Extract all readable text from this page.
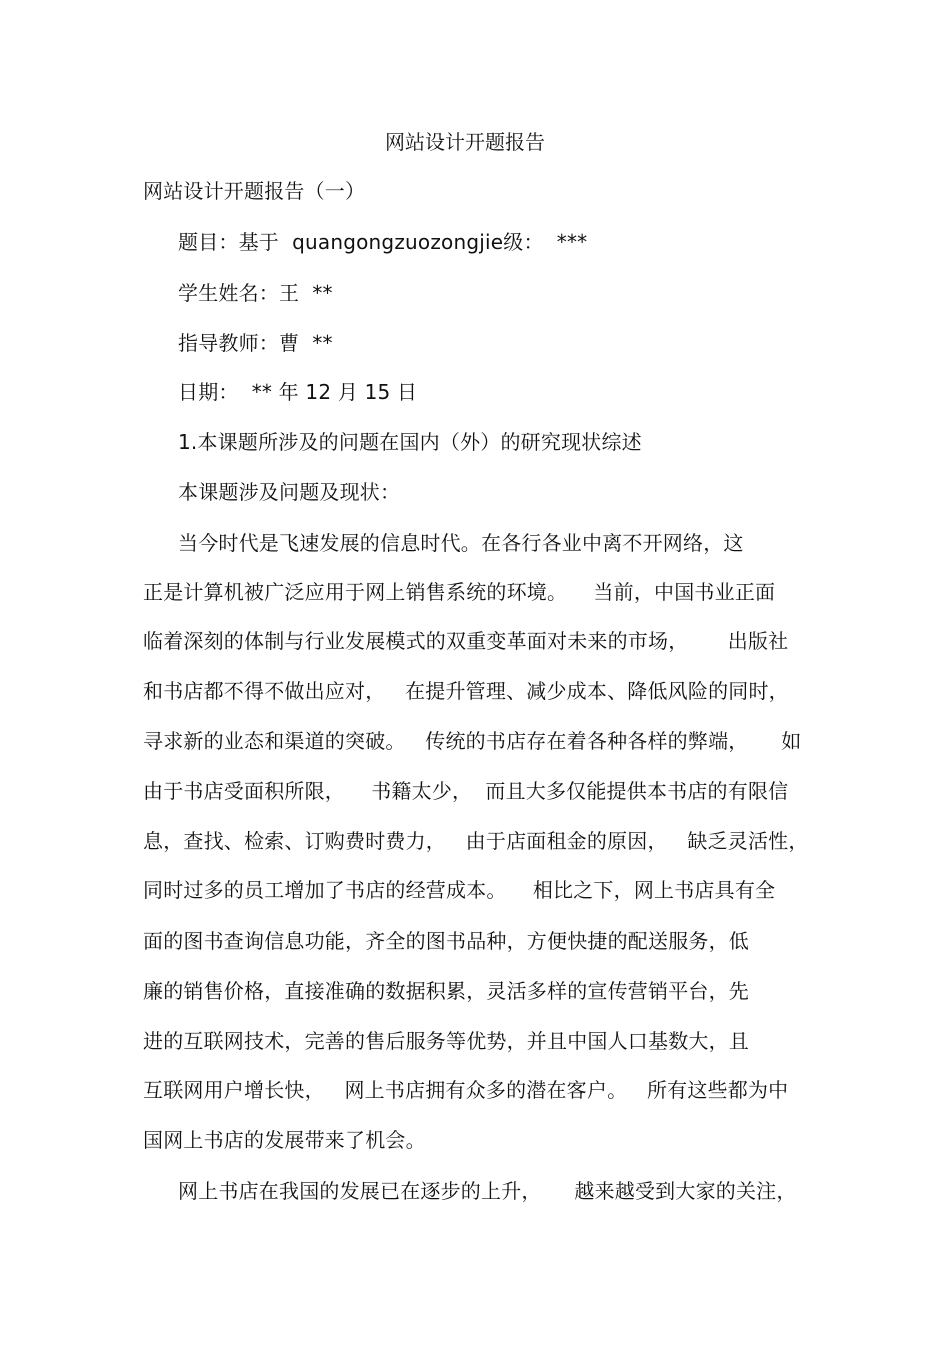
网站设计开题报告
网站设计开题报告（一）
题目：基于  quangongzuozongjie级：  ***
学生姓名：王  **
指导教师：曹  **
日期：  ** 年 12 月 15 日
1.本课题所涉及的问题在国内（外）的研究现状综述
本课题涉及问题及现状：
当今时代是飞速发展的信息时代。在各行各业中离不开网络，这
正是计算机被广泛应用于网上销售系统的环境。    当前，中国书业正面
临着深刻的体制与行业发展模式的双重变革面对未来的市场，      出版社
和书店都不得不做出应对，   在提升管理、减少成本、降低风险的同时，
寻求新的业态和渠道的突破。   传统的书店存在着各种各样的弊端，     如
由于书店受面积所限，    书籍太少，  而且大多仅能提供本书店的有限信
息，查找、检索、订购费时费力，   由于店面租金的原因，   缺乏灵活性，
同时过多的员工增加了书店的经营成本。    相比之下，网上书店具有全
面的图书查询信息功能，齐全的图书品种，方便快捷的配送服务，低
廉的销售价格，直接准确的数据积累，灵活多样的宣传营销平台，先
进的互联网技术，完善的售后服务等优势，并且中国人口基数大，且
互联网用户增长快，   网上书店拥有众多的潜在客户。   所有这些都为中
国网上书店的发展带来了机会。
网上书店在我国的发展已在逐步的上升，     越来越受到大家的关注，
